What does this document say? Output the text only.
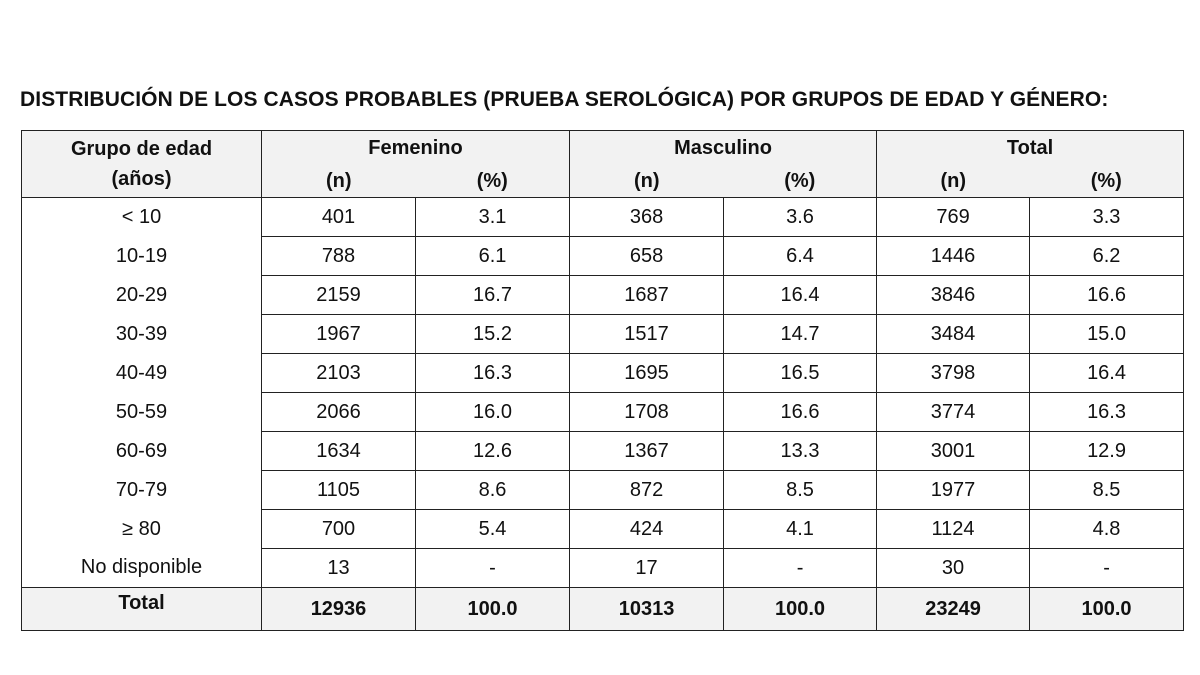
DISTRIBUCIÓN DE LOS CASOS PROBABLES (PRUEBA SEROLÓGICA) POR GRUPOS DE EDAD Y GÉNERO:
Grupo de edad
(años)	Femenino		Masculino		Total	
	(n)	(%)	(n)	(%)	(n)	(%)
< 10	401	3.1	368	3.6	769	3.3
10-19	788	6.1	658	6.4	1446	6.2
20-29	2159	16.7	1687	16.4	3846	16.6
30-39	1967	15.2	1517	14.7	3484	15.0
40-49	2103	16.3	1695	16.5	3798	16.4
50-59	2066	16.0	1708	16.6	3774	16.3
60-69	1634	12.6	1367	13.3	3001	12.9
70-79	1105	8.6	872	8.5	1977	8.5
≥ 80	700	5.4	424	4.1	1124	4.8
No disponible	13	-	17	-	30	-
Total	12936	100.0	10313	100.0	23249	100.0
